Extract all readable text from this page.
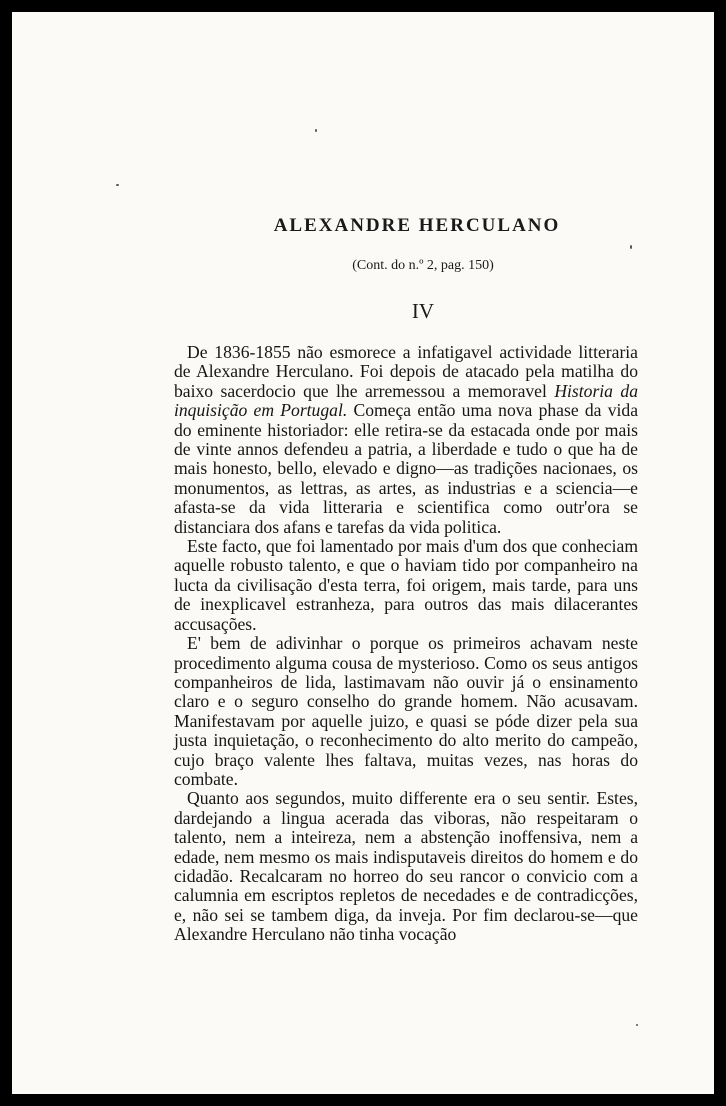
ALEXANDRE HERCULANO
(Cont. do n.º 2, pag. 150)
IV

De 1836-1855 não esmorece a infatigavel actividade litteraria de Alexandre Herculano. Foi depois de atacado pela matilha do baixo sacerdocio que lhe arremessou a memoravel Historia da inquisição em Portugal. Começa então uma nova phase da vida do eminente historiador: elle retira-se da estacada onde por mais de vinte annos defendeu a patria, a liberdade e tudo o que ha de mais honesto, bello, elevado e digno—as tradições nacionaes, os monumentos, as lettras, as artes, as industrias e a sciencia—e afasta-se da vida litteraria e scientifica como outr'ora se distanciara dos afans e tarefas da vida politica.

Este facto, que foi lamentado por mais d'um dos que conheciam aquelle robusto talento, e que o haviam tido por companheiro na lucta da civilisação d'esta terra, foi origem, mais tarde, para uns de inexplicavel estranheza, para outros das mais dilacerantes accusações.

E' bem de adivinhar o porque os primeiros achavam neste procedimento alguma cousa de mysterioso. Como os seus antigos companheiros de lida, lastimavam não ouvir já o ensinamento claro e o seguro conselho do grande homem. Não acusavam. Manifestavam por aquelle juizo, e quasi se póde dizer pela sua justa inquietação, o reconhecimento do alto merito do campeão, cujo braço valente lhes faltava, muitas vezes, nas horas do combate.

Quanto aos segundos, muito differente era o seu sentir. Estes, dardejando a lingua acerada das viboras, não respeitaram o talento, nem a inteireza, nem a abstenção inoffensiva, nem a edade, nem mesmo os mais indisputaveis direitos do homem e do cidadão. Recalcaram no horreo do seu rancor o convicio com a calumnia em escriptos repletos de necedades e de contradicções, e, não sei se tambem diga, da inveja. Por fim declarou-se—que Alexandre Herculano não tinha vocação
